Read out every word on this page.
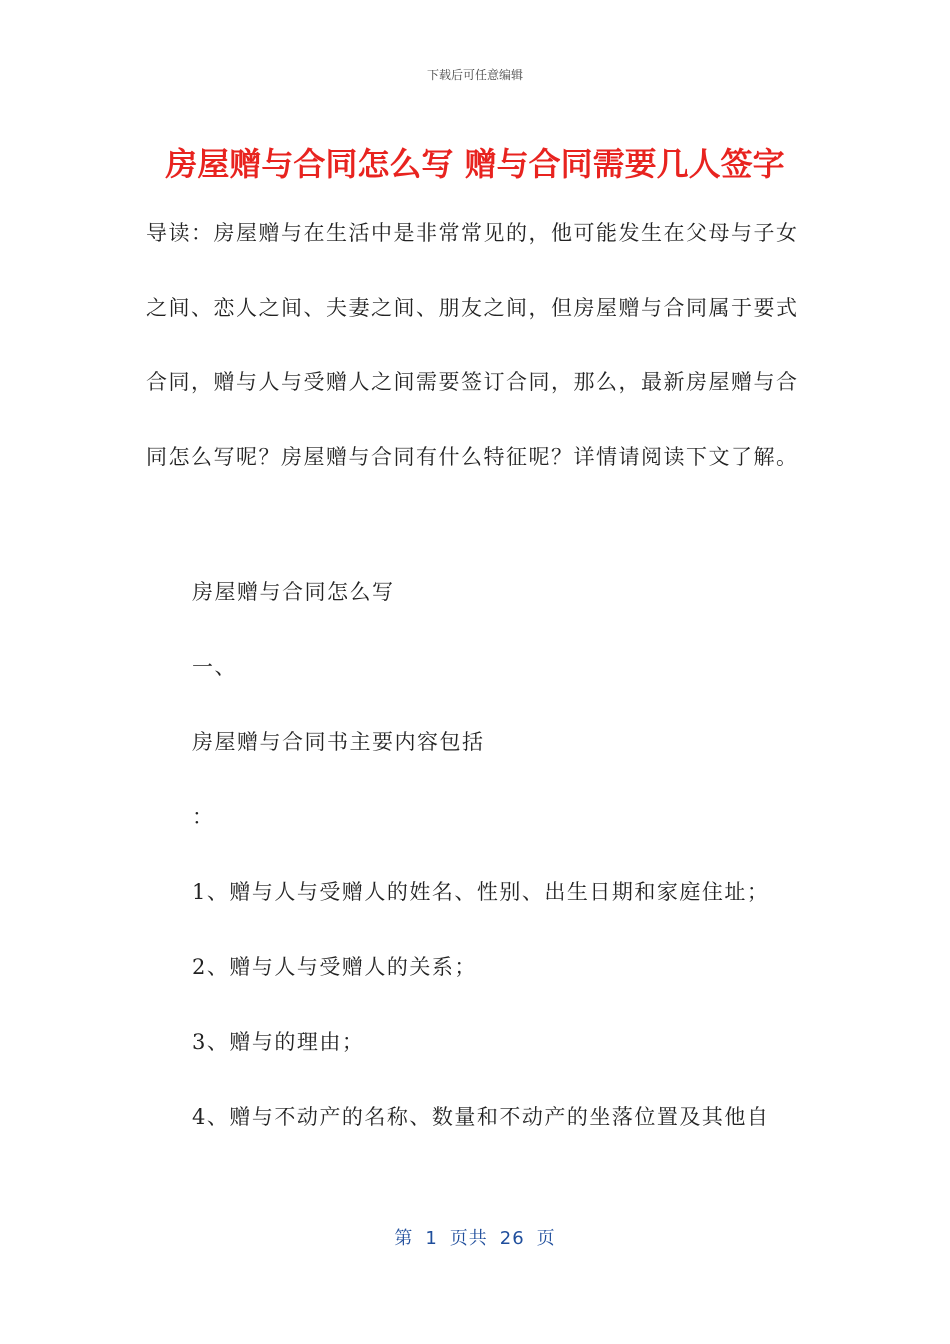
下载后可任意编辑
房屋赠与合同怎么写 赠与合同需要几人签字

导读：房屋赠与在生活中是非常常见的，他可能发生在父母与子女之间、恋人之间、夫妻之间、朋友之间，但房屋赠与合同属于要式合同，赠与人与受赠人之间需要签订合同，那么，最新房屋赠与合同怎么写呢？房屋赠与合同有什么特征呢？详情请阅读下文了解。

房屋赠与合同怎么写

一、

房屋赠与合同书主要内容包括

：

1、赠与人与受赠人的姓名、性别、出生日期和家庭住址；

2、赠与人与受赠人的关系；

3、赠与的理由；

4、赠与不动产的名称、数量和不动产的坐落位置及其他自

第 1 页共 26 页
